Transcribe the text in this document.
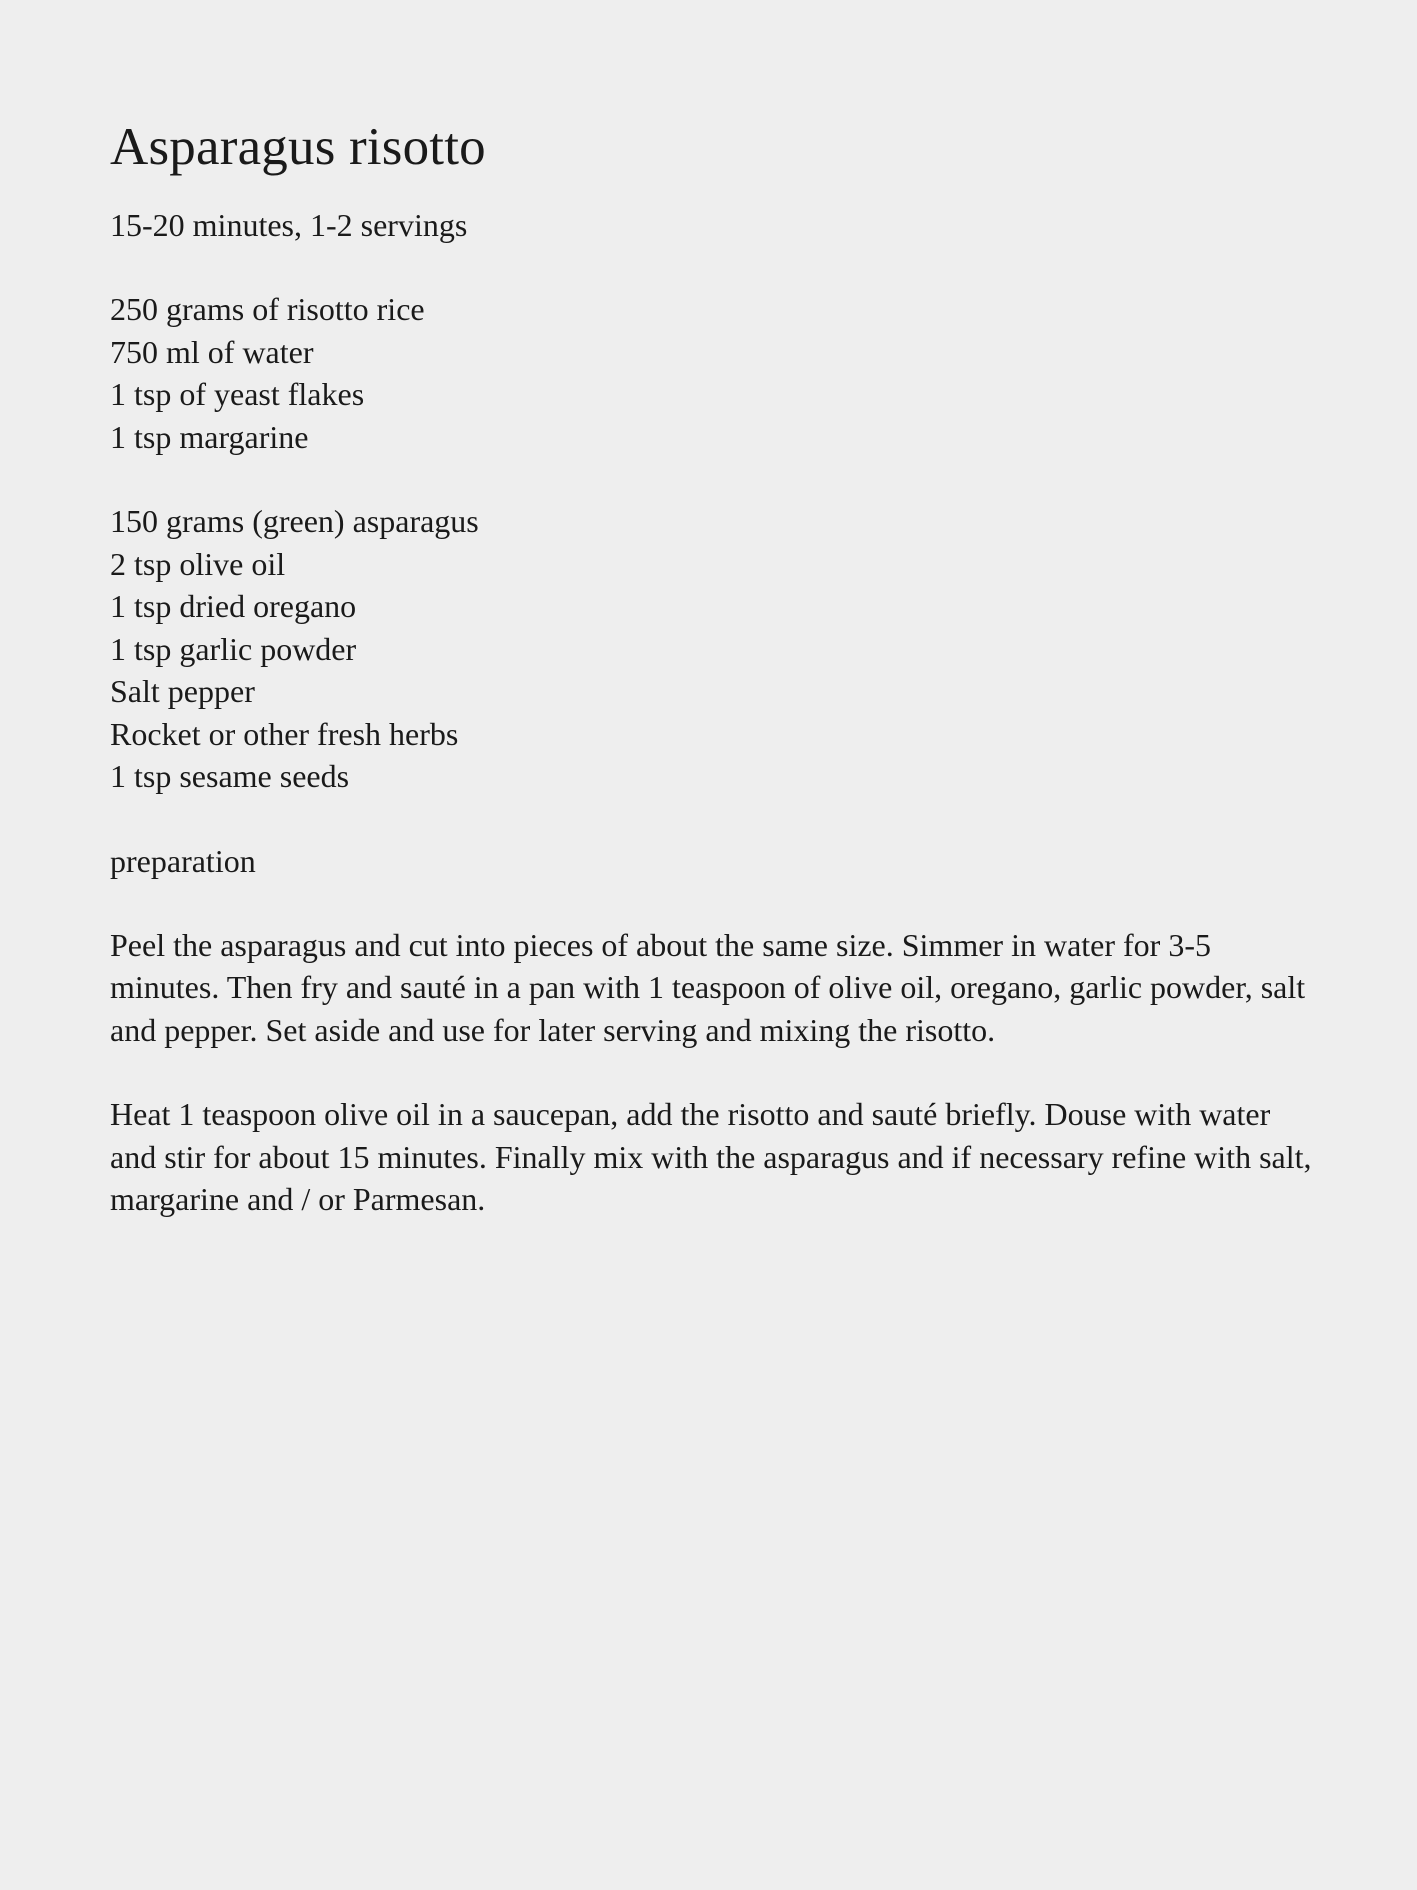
Asparagus risotto
15-20 minutes, 1-2 servings
250 grams of risotto rice
750 ml of water
1 tsp of yeast flakes
1 tsp margarine
150 grams (green) asparagus
2 tsp olive oil
1 tsp dried oregano
1 tsp garlic powder
Salt pepper
Rocket or other fresh herbs
1 tsp sesame seeds
preparation

Peel the asparagus and cut into pieces of about the same size. Simmer in water for 3-5 minutes. Then fry and sauté in a pan with 1 teaspoon of olive oil, oregano, garlic powder, salt and pepper. Set aside and use for later serving and mixing the risotto.

Heat 1 teaspoon olive oil in a saucepan, add the risotto and sauté briefly. Douse with water and stir for about 15 minutes. Finally mix with the asparagus and if necessary refine with salt, margarine and / or Parmesan.
